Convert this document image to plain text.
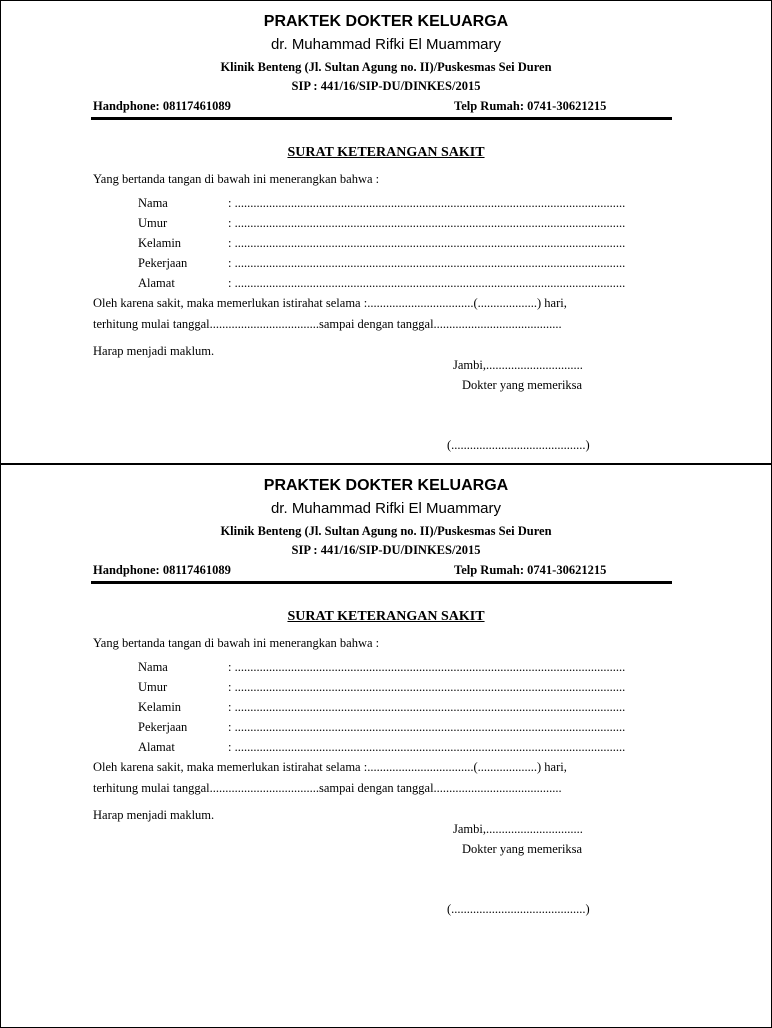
PRAKTEK DOKTER KELUARGA
dr. Muhammad Rifki El Muammary
Klinik Benteng (Jl. Sultan Agung no. II)/Puskesmas Sei Duren
SIP : 441/16/SIP-DU/DINKES/2015
Handphone: 08117461089	Telp Rumah: 0741-30621215
SURAT KETERANGAN SAKIT
Yang bertanda tangan di bawah ini menerangkan bahwa :
Nama	: .............................................................................................................................
Umur	: .............................................................................................................................
Kelamin	: .............................................................................................................................
Pekerjaan	: .............................................................................................................................
Alamat	: .............................................................................................................................
Oleh karena sakit, maka memerlukan istirahat selama :..................................(...................) hari,
terhitung mulai tanggal...................................sampai dengan tanggal.........................................
Harap menjadi maklum.
Jambi,...............................
Dokter yang memeriksa
(...........................................)
PRAKTEK DOKTER KELUARGA
dr. Muhammad Rifki El Muammary
Klinik Benteng (Jl. Sultan Agung no. II)/Puskesmas Sei Duren
SIP : 441/16/SIP-DU/DINKES/2015
Handphone: 08117461089	Telp Rumah: 0741-30621215
SURAT KETERANGAN SAKIT
Yang bertanda tangan di bawah ini menerangkan bahwa :
Nama	: .............................................................................................................................
Umur	: .............................................................................................................................
Kelamin	: .............................................................................................................................
Pekerjaan	: .............................................................................................................................
Alamat	: .............................................................................................................................
Oleh karena sakit, maka memerlukan istirahat selama :..................................(...................) hari,
terhitung mulai tanggal...................................sampai dengan tanggal.........................................
Harap menjadi maklum.
Jambi,...............................
Dokter yang memeriksa
(...........................................)
